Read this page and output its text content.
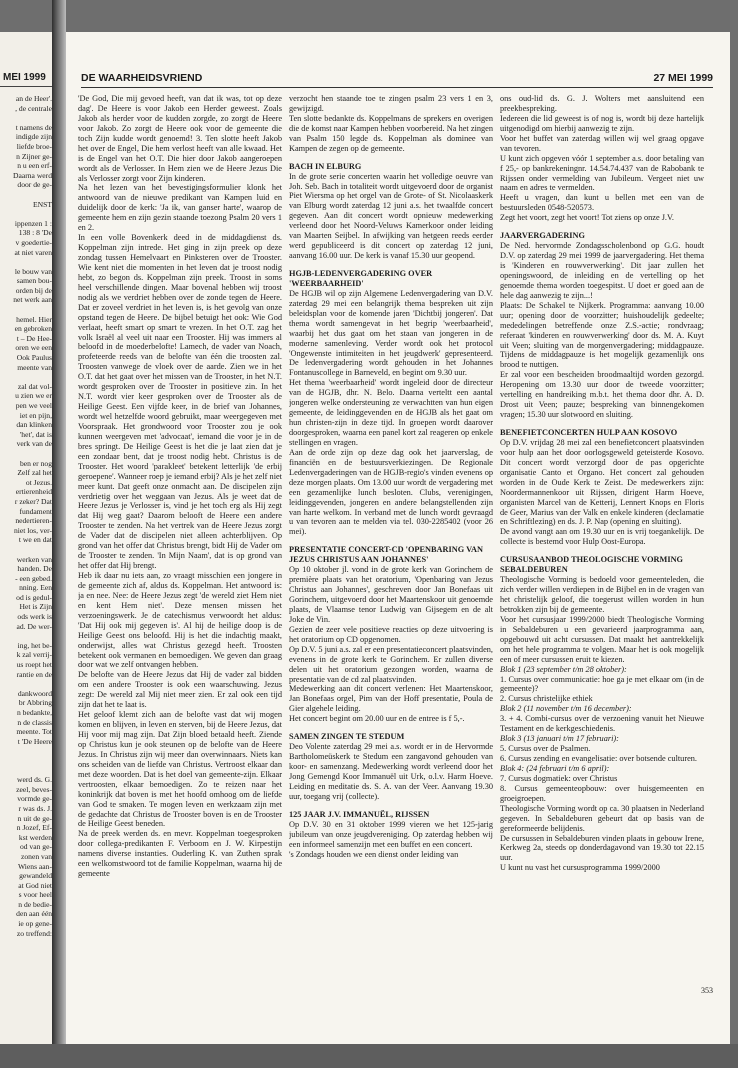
MEI 1999
an de Heer'.
, de centrale

t namens de
indigde zijn
liefde broe-
n Zijner ge-
n u een erf-
Daarna werd
door de ge-

ENST

ippenzen 1 :
138 : 8 'De
v goedertie-
at niet varen

le bouw van
samen bou-
orden bij de
net werk aan

hemel. Hier
en gebroken
t – De Hee-
oren we een
Ook Paulus
meente van

zal dat vol-
u zien we er
pen we veel
iet en pijn,
dan klinken
'het', dat is
verk van de

ben er nog
Zelf zal het
ot Jezus.
ertierenheid
r zeker? Dat
fundament
nedertieren-
niet los, ver-
t we en dat

werken van
handen. De
- een gebed.
nning. Een
od is gedul-
Het is Zijn
ods werk is
ad. De wer-

ing, het be-
k zal verrij-
us roept het
rantie en de

dankwoord
br Abbring
n bedankte,
n de classis
meente. Tot
t 'De Heere

werd ds. G.
zeel, beves-
vormde ge-
r was ds. J.
n uit de ge-
n Jozef, Ef-
kst werden
od van ge-
zonen van
Wiens aan-
gewandeld
at God niet
s voor heel
n de bedie-
den aan één
ie op gene-
zo treffend:
DE WAARHEIDSVRIEND	27 MEI 1999

'De God, Die mij gevoed heeft, van dat ik was, tot op deze dag'. De Heere is voor Jakob een Herder geweest. Zoals Jakob als herder voor de kudden zorgde, zo zorgt de Heere voor Jakob. Zo zorgt de Heere ook voor de gemeente die toch Zijn kudde wordt genoemd! 3. Ten slotte heeft Jakob het over de Engel, Die hem verlost heeft van alle kwaad. Het is de Engel van het O.T. Die hier door Jakob aangeroepen wordt als de Verlosser. In Hem zien we de Heere Jezus Die als Verlosser zorgt voor Zijn kinderen.

Na het lezen van het bevestigingsformulier klonk het antwoord van de nieuwe predikant van Kampen luid en duidelijk door de kerk: 'Ja ik, van ganser harte', waarop de gemeente hem en zijn gezin staande toezong Psalm 20 vers 1 en 2.

In een volle Bovenkerk deed in de middagdienst ds. Koppelman zijn intrede. Het ging in zijn preek op deze zondag tussen Hemelvaart en Pinksteren over de Trooster. Wie kent niet die momenten in het leven dat je troost nodig hebt, zo begon ds. Koppelman zijn preek. Troost in soms heel verschillende dingen. Maar bovenal hebben wij troost nodig als we verdriet hebben over de zonde tegen de Heere. Dat er zoveel verdriet in het leven is, is het gevolg van onze opstand tegen de Heere. De bijbel betuigt het ook: Wie God verlaat, heeft smart op smart te vrezen. In het O.T. zag het volk Israël al veel uit naar een Trooster. Hij was immers al beloofd in de moederbelofte! Lamech, de vader van Noach, profeteerde reeds van de belofte van één die troosten zal. Troosten vanwege de vloek over de aarde. Zien we in het O.T. dat het gaat over het missen van de Trooster, in het N.T. wordt gesproken over de Trooster in positieve zin. In het N.T. wordt vier keer gesproken over de Trooster als de Heilige Geest. Een vijfde keer, in de brief van Johannes, wordt wel hetzelfde woord gebruikt, maar weergegeven met Voorspraak. Het grondwoord voor Trooster zou je ook kunnen weergeven met 'advocaat', iemand die voor je in de bres springt. De Heilige Geest is het die je laat zien dat je een zondaar bent, dat je troost nodig hebt. Christus is de Trooster. Het woord 'parakleet' betekent letterlijk 'de erbij geroepene'. Wanneer roep je iemand erbij? Als je het zelf niet meer kunt. Dat geeft onze onmacht aan. De discipelen zijn verdrietig over het weggaan van Jezus. Als je weet dat de Heere Jezus je Verlosser is, vind je het toch erg als Hij zegt dat Hij weg gaat? Daarom belooft de Heere een andere Trooster te zenden. Na het vertrek van de Heere Jezus zorgt de Vader dat de discipelen niet alleen achterblijven. Op grond van het offer dat Christus brengt, bidt Hij de Vader om de Trooster te zenden. 'In Mijn Naam', dat is op grond van het offer dat Hij brengt.

Heb ik daar nu iets aan, zo vraagt misschien een jongere in de gemeente zich af, aldus ds. Koppelman. Het antwoord is: ja en nee. Nee: de Heere Jezus zegt 'de wereld ziet Hem niet en kent Hem niet'. Deze mensen missen het verzoeningswerk. Je de catechismus verwoordt het aldus: 'Dat Hij ook mij gegeven is'. Al hij de heilige doop is de Heilige Geest ons beloofd. Hij is het die indachtig maakt, onderwijst, alles wat Christus gezegd heeft. Troosten betekent ook vermanen en bemoedigen. We geven dan graag door wat we zelf ontvangen hebben.

De belofte van de Heere Jezus dat Hij de vader zal bidden om een andere Trooster is ook een waarschuwing. Jezus zegt: De wereld zal Mij niet meer zien. Er zal ook een tijd zijn dat het te laat is.

Het geloof klemt zich aan de belofte vast dat wij mogen komen en blijven, in leven en sterven, bij de Heere Jezus, dat Hij voor mij mag zijn. Dat Zijn bloed betaald heeft. Ziende op Christus kun je ook steunen op de belofte van de Heere Jezus. In Christus zijn wij meer dan overwinnaars. Niets kan ons scheiden van de liefde van Christus. Vertroost elkaar dan met deze woorden. Dat is het doel van gemeente-zijn. Elkaar vertroosten, elkaar bemoedigen. Zo te reizen naar het koninkrijk dat boven is met het hoofd omhoog om de liefde van God te smaken. Te mogen leven en werkzaam zijn met de gedachte dat Christus de Trooster boven is en de Trooster de Heilige Geest beneden.

Na de preek werden ds. en mevr. Koppelman toegesproken door collega-predikanten F. Verboom en J. W. Kirpestijn namens diverse instanties. Ouderling K. van Zuthen sprak een welkomstwoord tot de familie Koppelman, waarna hij de gemeente

verzocht hen staande toe te zingen psalm 23 vers 1 en 3, gewijzigd.

Ten slotte bedankte ds. Koppelmans de sprekers en overigen die de komst naar Kampen hebben voorbereid. Na het zingen van Psalm 150 legde ds. Koppelman als dominee van Kampen de zegen op de gemeente.

BACH IN ELBURG

In de grote serie concerten waarin het volledige oeuvre van Joh. Seb. Bach in totaliteit wordt uitgevoerd door de organist Piet Wiersma op het orgel van de Grote- of St. Nicolaaskerk van Elburg wordt zaterdag 12 juni a.s. het twaalfde concert gegeven. Aan dit concert wordt opnieuw medewerking verleend door het Noord-Veluws Kamerkoor onder leiding van Maarten Seijbel. In afwijking van hetgeen reeds eerder werd gepubliceerd is dit concert op zaterdag 12 juni, aanvang 16.00 uur. De kerk is vanaf 15.30 uur geopend.

HGJB-LEDENVERGADERING OVER 'WEERBAARHEID'

De HGJB wil op zijn Algemene Ledenvergadering van D.V. zaterdag 29 mei een belangrijk thema bespreken uit zijn beleidsplan voor de komende jaren 'Dichtbij jongeren'. Dat thema wordt samengevat in het begrip 'weerbaarheid', waarbij het dus gaat om het staan van jongeren in de moderne samenleving. Verder wordt ook het protocol 'Ongewenste intimiteiten in het jeugdwerk' gepresenteerd. De ledenvergadering wordt gehouden in het Johannes Fontanuscollege in Barneveld, en begint om 9.30 uur.

Het thema 'weerbaarheid' wordt ingeleid door de directeur van de HGJB, dhr. N. Belo. Daarna verteltt een aantal jongeren welke ondersteuning ze verwachtten van hun eigen gemeente, de leidinggevenden en de HGJB als het gaat om hun christen-zijn in deze tijd. In groepen wordt daarover doorgesproken, waarna een panel kort zal reageren op enkele stellingen en vragen.

Aan de orde zijn op deze dag ook het jaarverslag, de financiën en de bestuursverkiezingen. De Regionale Ledenvergaderingen van de HGJB-regio's vinden evenens op deze morgen plaats. Om 13.00 uur wordt de vergadering met een gezamenlijke lunch besloten. Clubs, verenigingen, leidinggevenden, jongeren en andere belangstellenden zijn van harte welkom. In verband met de lunch wordt gevraagd u van tevoren aan te melden via tel. 030-2285402 (voor 26 mei).

PRESENTATIE CONCERT-CD 'OPENBARING VAN JEZUS CHRISTUS AAN JOHANNES'

Op 10 oktober jl. vond in de grote kerk van Gorinchem de première plaats van het oratorium, 'Openbaring van Jezus Christus aan Johannes', geschreven door Jan Bonefaas uit Gorinchem, uitgevoerd door het Maartenskoor uit genoemde plaats, de Vlaamse tenor Ludwig van Gijsegem en de alt Joke de Vin.

Gezien de zeer vele positieve reacties op deze uitvoering is het oratorium op CD opgenomen.

Op D.V. 5 juni a.s. zal er een presentatieconcert plaatsvinden, evenens in de grote kerk te Gorinchem. Er zullen diverse delen uit het oratorium gezongen worden, waarna de presentatie van de cd zal plaatsvinden.

Medewerking aan dit concert verlenen: Het Maartenskoor, Jan Bonefaas orgel, Pim van der Hoff presentatie, Poula de Gier algehele leiding.

Het concert begint om 20.00 uur en de entree is f 5,-.

SAMEN ZINGEN TE STEDUM

Deo Volente zaterdag 29 mei a.s. wordt er in de Hervormde Bartholomeüskerk te Stedum een zangavond gehouden van koor- en samenzang. Medewerking wordt verleend door het Jong Gemengd Koor Immanuël uit Urk, o.l.v. Harm Hoeve. Leiding en meditatie ds. S. A. van der Veer. Aanvang 19.30 uur, toegang vrij (collecte).

125 JAAR J.V. IMMANUËL, RIJSSEN

Op D.V. 30 en 31 oktober 1999 vieren we het 125-jarig jubileum van onze jeugdvereniging. Op zaterdag hebben wij een informeel samenzijn met een buffet en een concert.

's Zondags houden we een dienst onder leiding van

ons oud-lid ds. G. J. Wolters met aansluitend een preekbespreking.

Iedereen die lid geweest is of nog is, wordt bij deze hartelijk uitgenodigd om hierbij aanwezig te zijn.

Voor het buffet van zaterdag willen wij wel graag opgave van tevoren.

U kunt zich opgeven vóór 1 september a.s. door betaling van f 25,- op bankrekeningnr. 14.54.74.437 van de Rabobank te Rijssen onder vermelding van Jubileum. Vergeet niet uw naam en adres te vermelden.

Heeft u vragen, dan kunt u bellen met een van de bestuursleden 0548-520573.

Zegt het voort, zegt het voort! Tot ziens op onze J.V.

JAARVERGADERING

De Ned. hervormde Zondagsscholenbond op G.G. houdt D.V. op zaterdag 29 mei 1999 de jaarvergadering. Het thema is 'Kinderen en rouwverwerking'. Dit jaar zullen het openingswoord, de inleiding en de vertelling op het genoemde thema worden toegespitst. U doet er goed aan de hele dag aanwezig te zijn...!

Plaats: De Schakel te Nijkerk. Programma: aanvang 10.00 uur; opening door de voorzitter; huishoudelijk gedeelte; mededelingen betreffende onze Z.S.-actie; rondvraag; referaat 'kinderen en rouwverwerking' door ds. M. A. Kuyt uit Veen; sluiting van de morgenvergadering; middagpauze. Tijdens de middagpauze is het mogelijk gezamenlijk ons brood te nuttigen.

Er zal voor een bescheiden broodmaaltijd worden gezorgd. Heropening om 13.30 uur door de tweede voorzitter; vertelling en handreiking m.b.t. het thema door dhr. A. D. Drost uit Veen; pauze; bespreking van binnengekomen vragen; 15.30 uur slotwoord en sluiting.

BENEFIETCONCERTEN HULP AAN KOSOVO

Op D.V. vrijdag 28 mei zal een benefietconcert plaatsvinden voor hulp aan het door oorlogsgeweld geteisterde Kosovo. Dit concert wordt verzorgd door de pas opgerichte organisatie Canto et Organo. Het concert zal gehouden worden in de Oude Kerk te Zeist. De medewerkers zijn: Noordermannenkoor uit Rijssen, dirigent Harm Hoeve, organisten Marcel van de Ketterij, Lennert Knops en Floris de Geer, Marius van der Valk en enkele kinderen (declamatie en Schriftlezing) en ds. J. P. Nap (opening en sluiting).

De avond vangt aan om 19.30 uur en is vrij toegankelijk. De collecte is bestemd voor Hulp Oost-Europa.

CURSUSAANBOD THEOLOGISCHE VORMING SEBALDEBUREN

Theologische Vorming is bedoeld voor gemeenteleden, die zich verder willen verdiepen in de Bijbel en in de vragen van het christelijk geloof, die toegerust willen worden in hun betrokken zijn bij de gemeente.

Voor het cursusjaar 1999/2000 biedt Theologische Vorming in Sebaldeburen u een gevarieerd jaarprogramma aan, opgebouwd uit acht cursussen. Dat maakt het aantrekkelijk om het hele programma te volgen. Maar het is ook mogelijk een of meer cursussen eruit te kiezen.

Blok 1 (23 september t/m 28 oktober):

1. Cursus over communicatie: hoe ga je met elkaar om (in de gemeente)?

2. Cursus christelijke ethiek

Blok 2 (11 november t/m 16 december):

3. + 4. Combi-cursus over de verzoening vanuit het Nieuwe Testament en de kerkgeschiedenis.

Blok 3 (13 januari t/m 17 februari):

5. Cursus over de Psalmen.

6. Cursus zending en evangelisatie: over botsende culturen.

Blok 4: (24 februari t/m 6 april):

7. Cursus dogmatiek: over Christus

8. Cursus gemeenteopbouw: over huisgemeenten en groeigroepen.

Theologische Vorming wordt op ca. 30 plaatsen in Nederland gegeven. In Sebaldeburen gebeurt dat op basis van de gereformeerde belijdenis.

De cursussen in Sebaldeburen vinden plaats in gebouw Irene, Kerkweg 2a, steeds op donderdagavond van 19.30 tot 22.15 uur.

U kunt nu vast het cursusprogramma 1999/2000

353
